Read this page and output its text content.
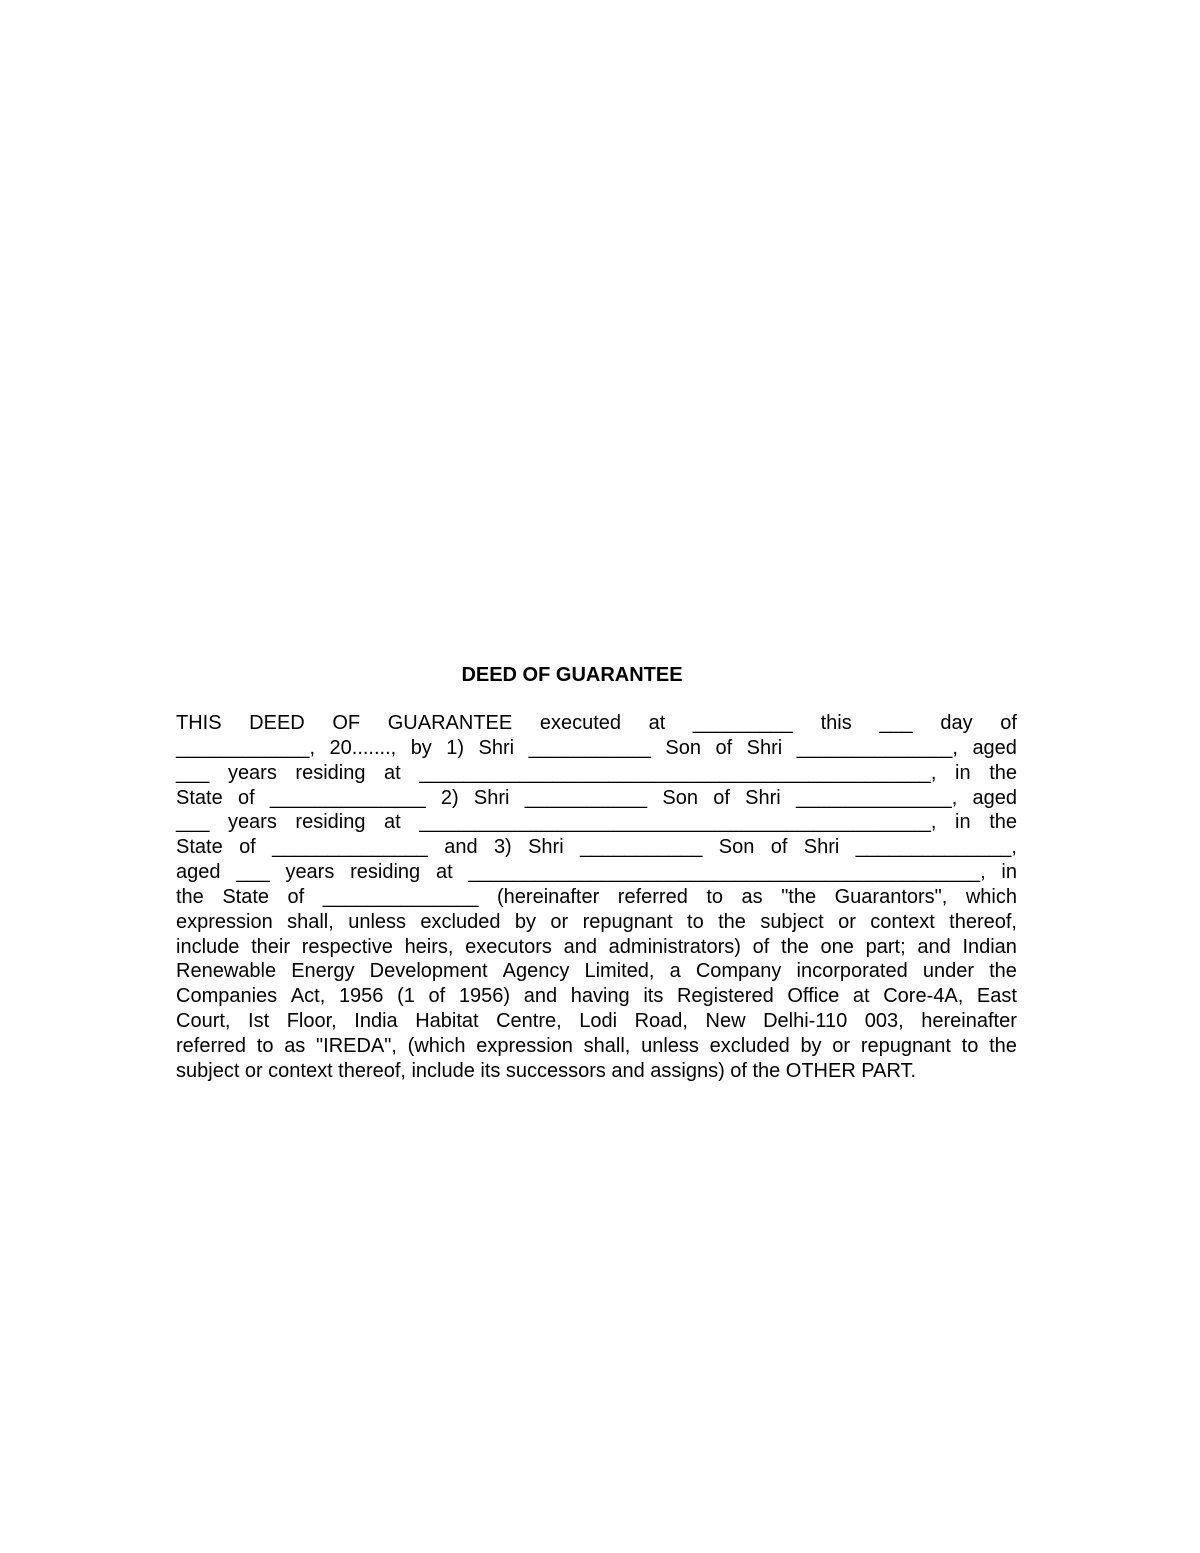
DEED OF GUARANTEE
THIS DEED OF GUARANTEE executed at _________ this ___ day of
____________, 20......., by 1) Shri ___________ Son of Shri ______________, aged
___ years residing at ______________________________________________, in the
State of ______________ 2) Shri ___________ Son of Shri ______________, aged
___ years residing at ______________________________________________, in the
State of ______________ and 3) Shri ___________ Son of Shri ______________,
aged ___ years residing at ______________________________________________, in
the State of ______________ (hereinafter referred to as "the Guarantors", which
expression shall, unless excluded by or repugnant to the subject or context thereof,
include their respective heirs, executors and administrators) of the one part; and Indian
Renewable Energy Development Agency Limited, a Company incorporated under the
Companies Act, 1956 (1 of 1956) and having its Registered Office at Core-4A, East
Court, Ist Floor, India Habitat Centre, Lodi Road, New Delhi-110 003, hereinafter
referred to as "IREDA", (which expression shall, unless excluded by or repugnant to the
subject or context thereof, include its successors and assigns) of the OTHER PART.
